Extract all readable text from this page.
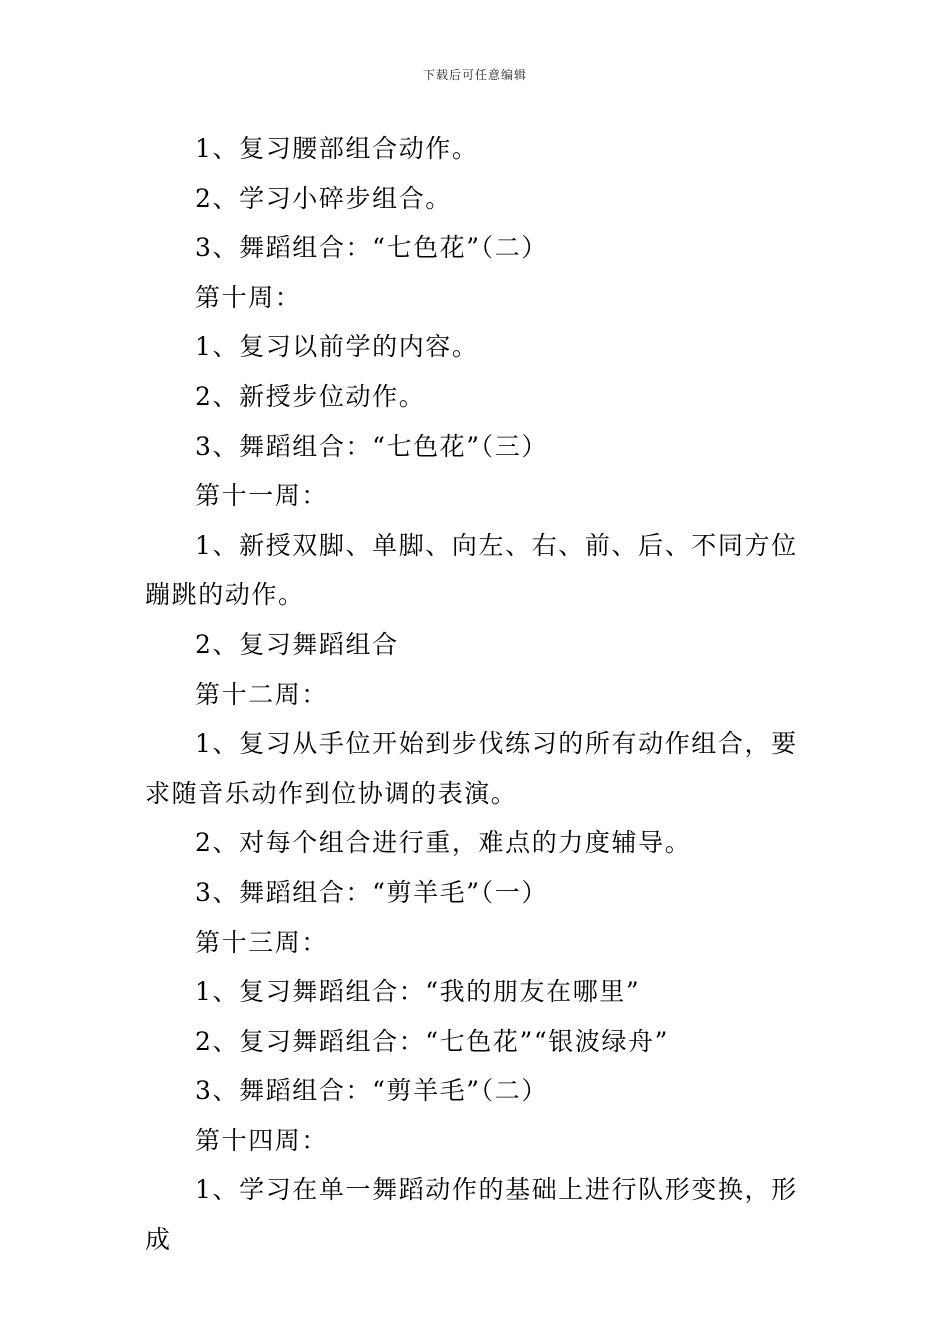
下载后可任意编辑

1、复习腰部组合动作。

2、学习小碎步组合。

3、舞蹈组合：“七色花”（二）

第十周：

1、复习以前学的内容。

2、新授步位动作。

3、舞蹈组合：“七色花”（三）

第十一周：

1、新授双脚、单脚、向左、右、前、后、不同方位蹦跳的动作。

2、复习舞蹈组合

第十二周：

1、复习从手位开始到步伐练习的所有动作组合，要求随音乐动作到位协调的表演。

2、对每个组合进行重，难点的力度辅导。

3、舞蹈组合：“剪羊毛”（一）

第十三周：

1、复习舞蹈组合：“我的朋友在哪里”

2、复习舞蹈组合：“七色花”“银波绿舟”

3、舞蹈组合：“剪羊毛”（二）

第十四周：

1、学习在单一舞蹈动作的基础上进行队形变换，形成
